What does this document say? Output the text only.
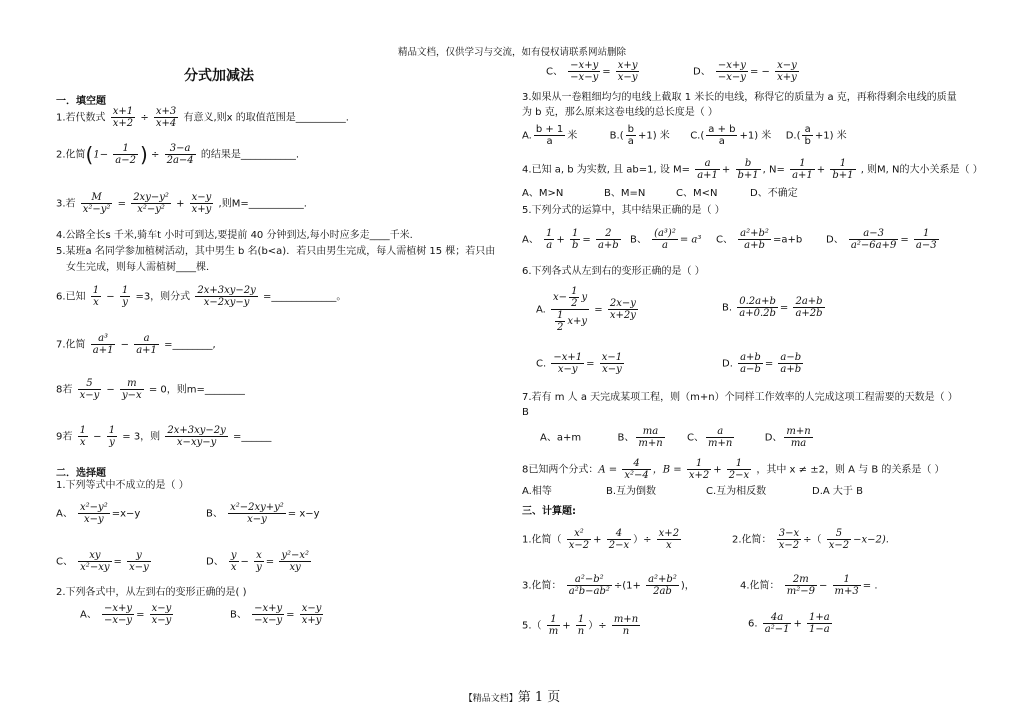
精品文档，仅供学习与交流，如有侵权请联系网站删除
分式加减法
【精品文档】第 1 页
一．填空题
1.若代数式 $\frac{x+1}{x+2} \div \frac{x+3}{x+4}$ 有意义,则x 的取值范围是__________.
2.化简($1- \frac{1}{a-2}$ ) ÷ $\frac{3-a}{2a-4}$ 的结果是___________.
3.若 $\frac{M}{\text{x²−y²}} = \frac{\text{2xy−y²}}{\text{x²−y²}} + \frac{x-y}{x+y}$ ,则M=___________.
4.公路全长s 千米,骑车t 小时可到达,要提前 40 分钟到达,每小时应多走____千米.
5.某班a 名同学参加植树活动，其中男生 b 名(b<a)．若只由男生完成，每人需植树 15 棵；若只由
女生完成，则每人需植树____棵．
6.已知 $\frac{1}{x} - \frac{1}{y} =3$，则分式 $\frac{2x+3xy-2y}{x-2xy-y}$ =_____________。
7.化简 $\frac{\text{a³}}{a+1} - \frac{a}{a+1}$ =________,
8若 $\frac{5}{x-y} - \frac{m}{y-x} = 0$，则m=________
9若 $\frac{1}{x} - \frac{1}{y} = 3$，则 $\frac{2x+3xy-2y}{x-xy-y}$ =______
二．选择题
1.下列等式中不成立的是（ ）
A、 $\frac{\text{x²−y²}}{x-y} =x-y$	B、 $\frac{\text{x²−2xy+y²}}{x-y} = x-y$
C、 $\frac{xy}{\text{x²−xy}} = \frac{y}{x-y}$	D、 $\frac{y}{x} - \frac{x}{y} = \frac{\text{y²−x²}}{xy}$
2.下列各式中，从左到右的变形正确的是( )
A、 $\frac{-x+y}{-x-y} = \frac{x-y}{x-y}$	B、 $\frac{-x+y}{-x-y} = \frac{x-y}{x+y}$
C、 $\frac{-x+y}{-x-y} = \frac{x+y}{x-y}$	D、 $\frac{-x+y}{-x-y}$ = − $\frac{x-y}{x+y}$
3.如果从一卷粗细均匀的电线上截取 1 米长的电线，称得它的质量为 a 克，再称得剩余电线的质量
为 b 克，那么原来这卷电线的总长度是（ ）
A. $\frac{b + 1}{a}$ 米	$B.( \frac{b}{a} +1)$ 米 $C.( \frac{a + b}{a} +1)$ 米 $D.( \frac{a}{b} +1)$ 米
4.已知 a, b 为实数, 且 ab=1, 设 $M= \frac{a}{a+1} + \frac{b}{b+1}$ , $N= \frac{1}{a+1} + \frac{1}{b+1}$ , 则M, N的大小关系是（ ）
A、M>N	B、M=N	C、M<N	D、不确定
5.下列分式的运算中，其中结果正确的是（ ）
A、 $\frac{1}{a} + \frac{1}{b} = \frac{2}{a+b}$ B、 $\frac{\text{(a³)²}}{a} = a^3$ C、 $\frac{\text{a²+b²}}{a+b} =a+b$ D、 $\frac{a-3}{\text{a²−6a+9}} = \frac{1}{a-3}$
6.下列各式从左到右的变形正确的是（ ）
A. $\frac{x- \frac{1}{2} y}{\frac{1}{2} x+y} = \frac{2x-y}{x+2y}$	B. $\frac{0.2a+b}{a+0.2b} = \frac{2a+b}{a+2b}$
C. $\frac{-x+1}{x-y} = \frac{x-1}{x-y}$	D. $\frac{a+b}{a-b} = \frac{a-b}{a+b}$
7.若有 m 人 a 天完成某项工程，则（m+n）个同样工作效率的人完成这项工程需要的天数是（ ）
B
A、a+m	B、 $\frac{ma}{m+n}$ C、 $\frac{a}{m+n}$	D、 $\frac{m+n}{ma}$
8已知两个分式：$A = \frac{4}{\text{x²−4}}$ ，$B = \frac{1}{x+2} + \frac{1}{2-x}$ ，其中 x ≠ ±2，则 A 与 B 的关系是（ ）
A.相等	B.互为倒数	C.互为相反数	D.A 大于 B
三、计算题:
1.化简（ $\frac{\text{x²}}{x-2} + \frac{4}{2-x}$ ）÷ $\frac{x+2}{x}$	2.化简： $\frac{3-x}{x-2}$ ÷（ $\frac{5}{x-2} -x-2$).
3.化简： $\frac{\text{a²−b²}}{\text{a²b−ab²}} \div(1+ \frac{\text{a²+b²}}{2ab}$ )，	4.化简： $\frac{2m}{\text{m²−9}} - \frac{1}{m+3}$ = .
$5.( \frac{1}{m} + \frac{1}{n}$ ）÷ $\frac{m+n}{n}$	6. $\frac{4a}{\text{a²−1}} + \frac{1+a}{1-a}$
